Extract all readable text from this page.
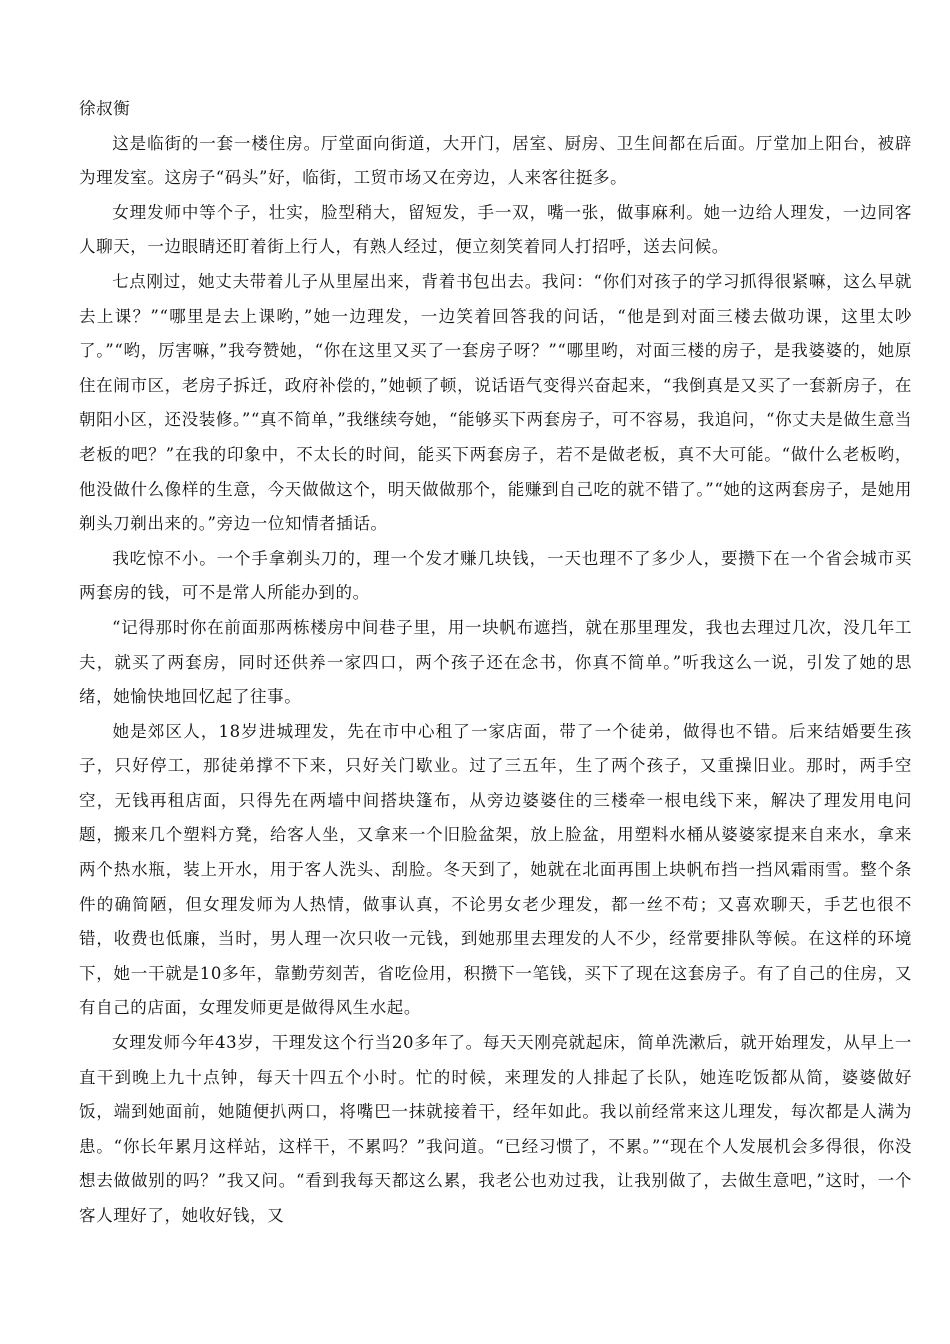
徐叔衡

这是临街的一套一楼住房。厅堂面向街道，大开门，居室、厨房、卫生间都在后面。厅堂加上阳台，被辟为理发室。这房子“码头”好，临街，工贸市场又在旁边，人来客往挺多。

女理发师中等个子，壮实，脸型稍大，留短发，手一双，嘴一张，做事麻利。她一边给人理发，一边同客人聊天，一边眼睛还盯着街上行人，有熟人经过，便立刻笑着同人打招呼，送去问候。

七点刚过，她丈夫带着儿子从里屋出来，背着书包出去。我问：“你们对孩子的学习抓得很紧嘛，这么早就去上课？”“哪里是去上课哟，”她一边理发，一边笑着回答我的问话，“他是到对面三楼去做功课，这里太吵了。”“哟，厉害嘛，”我夸赞她，“你在这里又买了一套房子呀？”“哪里哟，对面三楼的房子，是我婆婆的，她原住在闹市区，老房子拆迁，政府补偿的，”她顿了顿，说话语气变得兴奋起来，“我倒真是又买了一套新房子，在朝阳小区，还没装修。”“真不简单，”我继续夸她，“能够买下两套房子，可不容易，我追问，“你丈夫是做生意当老板的吧？”在我的印象中，不太长的时间，能买下两套房子，若不是做老板，真不大可能。“做什么老板哟，他没做什么像样的生意，今天做做这个，明天做做那个，能赚到自己吃的就不错了。”“她的这两套房子，是她用剃头刀剃出来的。”旁边一位知情者插话。

我吃惊不小。一个手拿剃头刀的，理一个发才赚几块钱，一天也理不了多少人，要攒下在一个省会城市买两套房的钱，可不是常人所能办到的。

“记得那时你在前面那两栋楼房中间巷子里，用一块帆布遮挡，就在那里理发，我也去理过几次，没几年工夫，就买了两套房，同时还供养一家四口，两个孩子还在念书，你真不简单。”听我这么一说，引发了她的思绪，她愉快地回忆起了往事。

她是郊区人，18岁进城理发，先在市中心租了一家店面，带了一个徒弟，做得也不错。后来结婚要生孩子，只好停工，那徒弟撑不下来，只好关门歇业。过了三五年，生了两个孩子，又重操旧业。那时，两手空空，无钱再租店面，只得先在两墙中间搭块篷布，从旁边婆婆住的三楼牵一根电线下来，解决了理发用电问题，搬来几个塑料方凳，给客人坐，又拿来一个旧脸盆架，放上脸盆，用塑料水桶从婆婆家提来自来水，拿来两个热水瓶，装上开水，用于客人洗头、刮脸。冬天到了，她就在北面再围上块帆布挡一挡风霜雨雪。整个条件的确简陋，但女理发师为人热情，做事认真，不论男女老少理发，都一丝不苟；又喜欢聊天，手艺也很不错，收费也低廉，当时，男人理一次只收一元钱，到她那里去理发的人不少，经常要排队等候。在这样的环境下，她一干就是10多年，靠勤劳刻苦，省吃俭用，积攒下一笔钱，买下了现在这套房子。有了自己的住房，又有自己的店面，女理发师更是做得风生水起。

女理发师今年43岁，干理发这个行当20多年了。每天天刚亮就起床，简单洗漱后，就开始理发，从早上一直干到晚上九十点钟，每天十四五个小时。忙的时候，来理发的人排起了长队，她连吃饭都从简，婆婆做好饭，端到她面前，她随便扒两口，将嘴巴一抹就接着干，经年如此。我以前经常来这儿理发，每次都是人满为患。“你长年累月这样站，这样干，不累吗？”我问道。“已经习惯了，不累。”“现在个人发展机会多得很，你没想去做做别的吗？”我又问。“看到我每天都这么累，我老公也劝过我，让我别做了，去做生意吧，”这时，一个客人理好了，她收好钱，又
